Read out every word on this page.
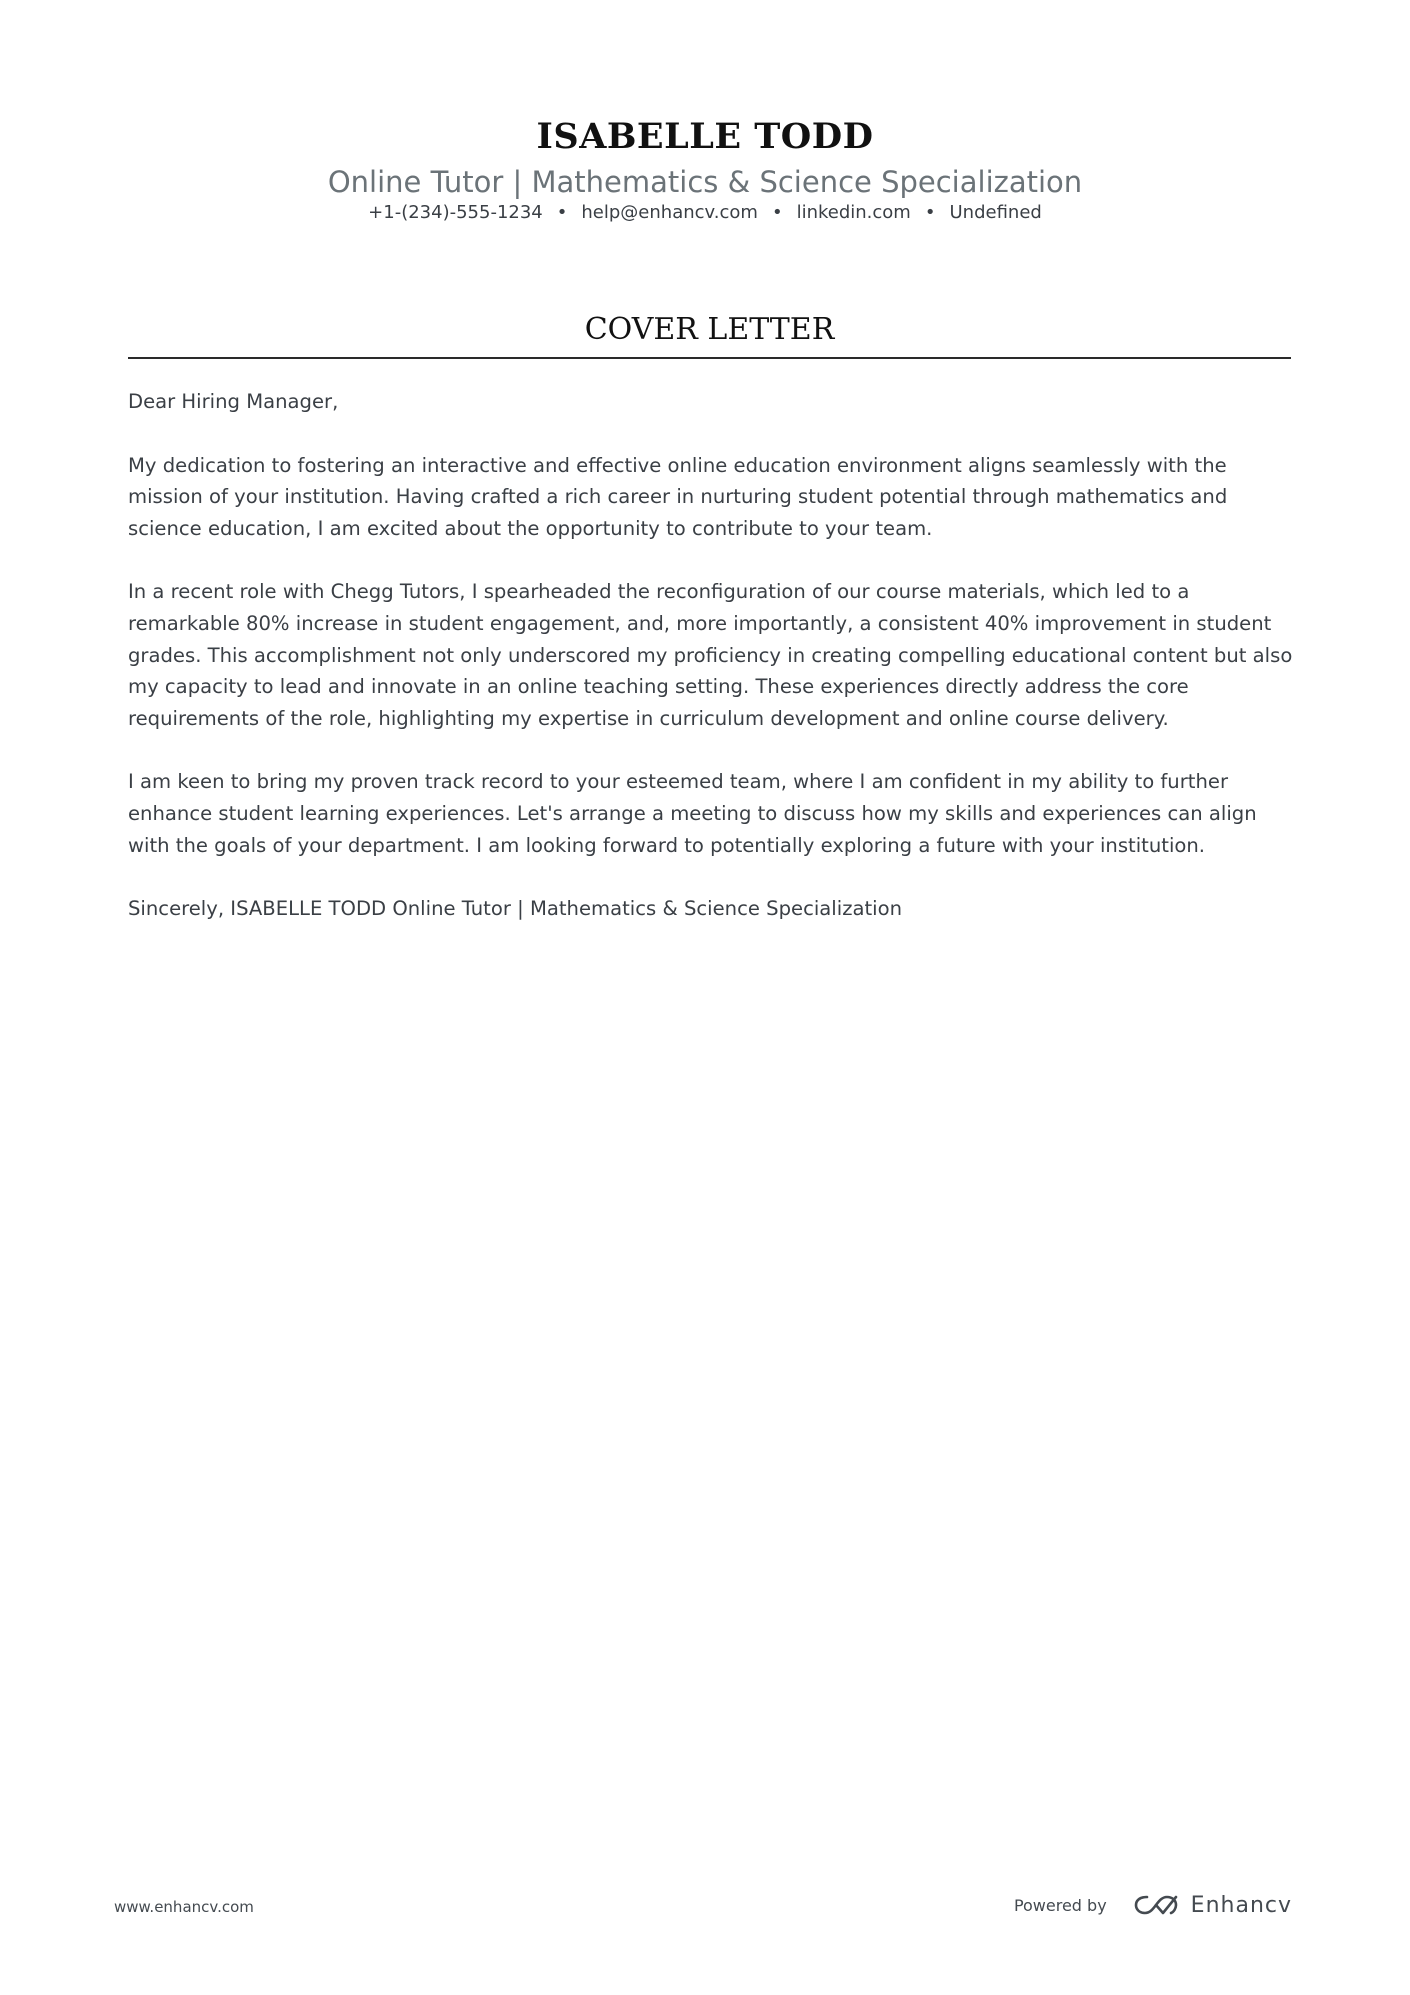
ISABELLE TODD
Online Tutor | Mathematics & Science Specialization
+1-(234)-555-1234 • help@enhancv.com • linkedin.com • Undefined
COVER LETTER

Dear Hiring Manager,

My dedication to fostering an interactive and effective online education environment aligns seamlessly with the mission of your institution. Having crafted a rich career in nurturing student potential through mathematics and science education, I am excited about the opportunity to contribute to your team.

In a recent role with Chegg Tutors, I spearheaded the reconfiguration of our course materials, which led to a remarkable 80% increase in student engagement, and, more importantly, a consistent 40% improvement in student grades. This accomplishment not only underscored my proficiency in creating compelling educational content but also my capacity to lead and innovate in an online teaching setting. These experiences directly address the core requirements of the role, highlighting my expertise in curriculum development and online course delivery.

I am keen to bring my proven track record to your esteemed team, where I am confident in my ability to further enhance student learning experiences. Let's arrange a meeting to discuss how my skills and experiences can align with the goals of your department. I am looking forward to potentially exploring a future with your institution.

Sincerely, ISABELLE TODD Online Tutor | Mathematics & Science Specialization

www.enhancv.com	Powered by	Enhancv
